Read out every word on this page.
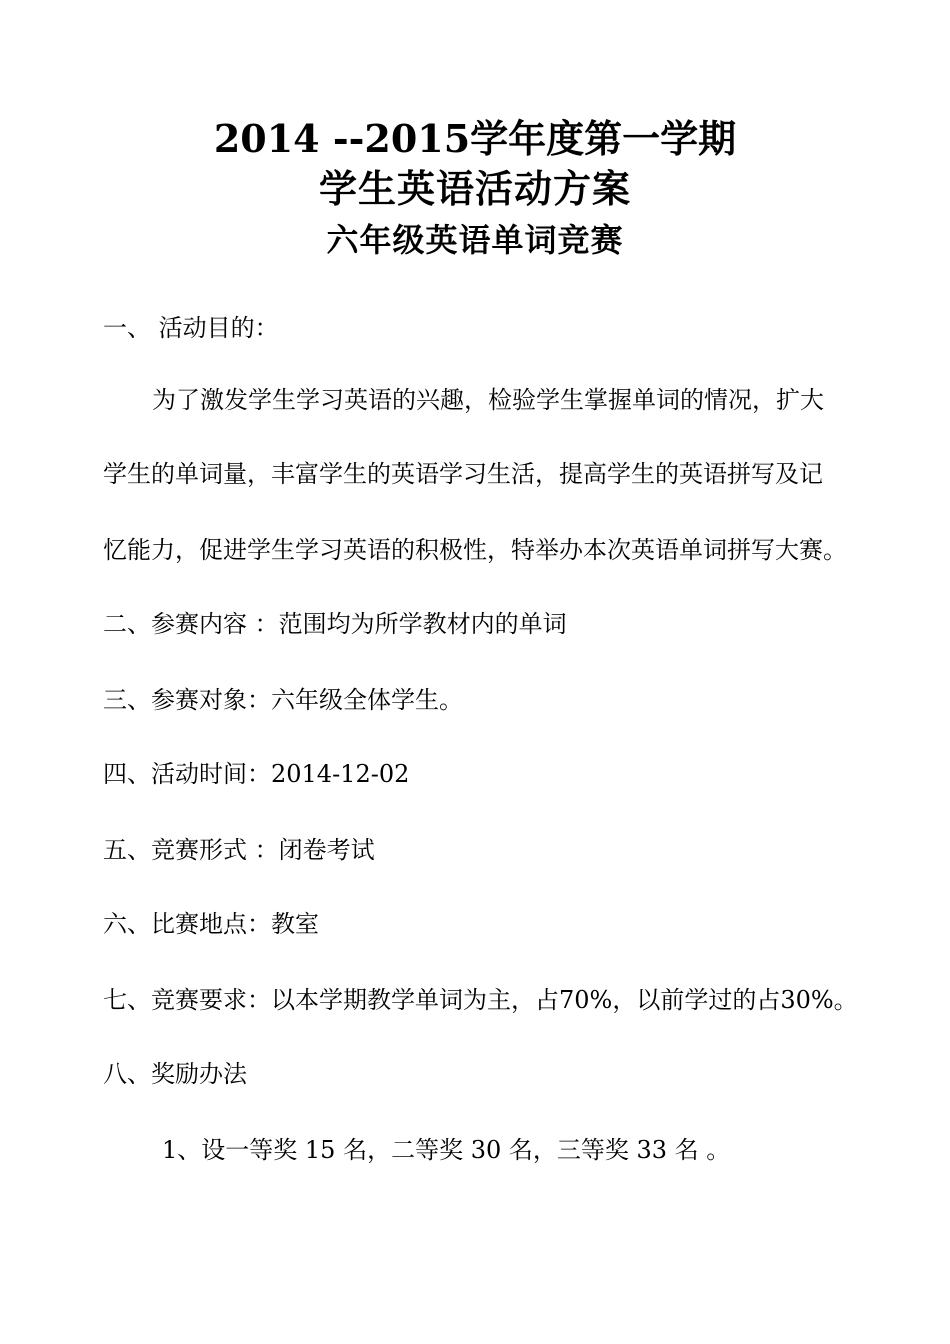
2014 --2015学年度第一学期
学生英语活动方案
六年级英语单词竞赛
一、 活动目的：
为了激发学生学习英语的兴趣，检验学生掌握单词的情况，扩大
学生的单词量，丰富学生的英语学习生活，提高学生的英语拼写及记
忆能力，促进学生学习英语的积极性，特举办本次英语单词拼写大赛。
二、参赛内容 ：范围均为所学教材内的单词
三、参赛对象：六年级全体学生。
四、活动时间：2014-12-02
五、竞赛形式 ：闭卷考试
六、比赛地点：教室
七、竞赛要求：以本学期教学单词为主，占70%，以前学过的占30%。
八、奖励办法
1、设一等奖 15 名，二等奖 30 名，三等奖 33 名 。
